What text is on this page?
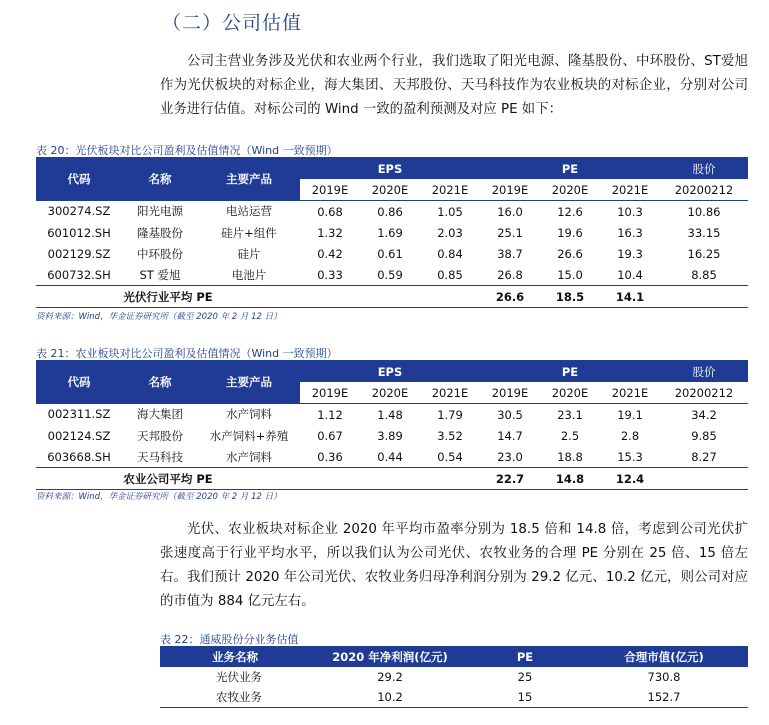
（二）公司估值

公司主营业务涉及光伏和农业两个行业，我们选取了阳光电源、隆基股份、中环股份、ST爱旭作为光伏板块的对标企业，海大集团、天邦股份、天马科技作为农业板块的对标企业，分别对公司业务进行估值。对标公司的 Wind 一致的盈利预测及对应 PE 如下：

表 20：光伏板块对比公司盈利及估值情况（Wind 一致预期）
代码	名称	主要产品	EPS			PE			股价
			2019E	2020E	2021E	2019E	2020E	2021E	20200212
300274.SZ	阳光电源	电站运营	0.68	0.86	1.05	16.0	12.6	10.3	10.86
601012.SH	隆基股份	硅片+组件	1.32	1.69	2.03	25.1	19.6	16.3	33.15
002129.SZ	中环股份	硅片	0.42	0.61	0.84	38.7	26.6	19.3	16.25
600732.SH	ST 爱旭	电池片	0.33	0.59	0.85	26.8	15.0	10.4	8.85
光伏行业平均 PE						26.6	18.5	14.1	
资料来源：Wind，华金证券研究所（截至 2020 年 2 月 12 日）
表 21：农业板块对比公司盈利及估值情况（Wind 一致预期）
代码	名称	主要产品	EPS			PE			股价
			2019E	2020E	2021E	2019E	2020E	2021E	20200212
002311.SZ	海大集团	水产饲料	1.12	1.48	1.79	30.5	23.1	19.1	34.2
002124.SZ	天邦股份	水产饲料+养殖	0.67	3.89	3.52	14.7	2.5	2.8	9.85
603668.SH	天马科技	水产饲料	0.36	0.44	0.54	23.0	18.8	15.3	8.27
农业公司平均 PE						22.7	14.8	12.4	
资料来源：Wind，华金证券研究所（截至 2020 年 2 月 12 日）

光伏、农业板块对标企业 2020 年平均市盈率分别为 18.5 倍和 14.8 倍，考虑到公司光伏扩张速度高于行业平均水平，所以我们认为公司光伏、农牧业务的合理 PE 分别在 25 倍、15 倍左右。我们预计 2020 年公司光伏、农牧业务归母净利润分别为 29.2 亿元、10.2 亿元，则公司对应的市值为 884 亿元左右。

表 22：通威股份分业务估值
业务名称	2020 年净利润(亿元)	PE	合理市值(亿元)
光伏业务	29.2	25	730.8
农牧业务	10.2	15	152.7
